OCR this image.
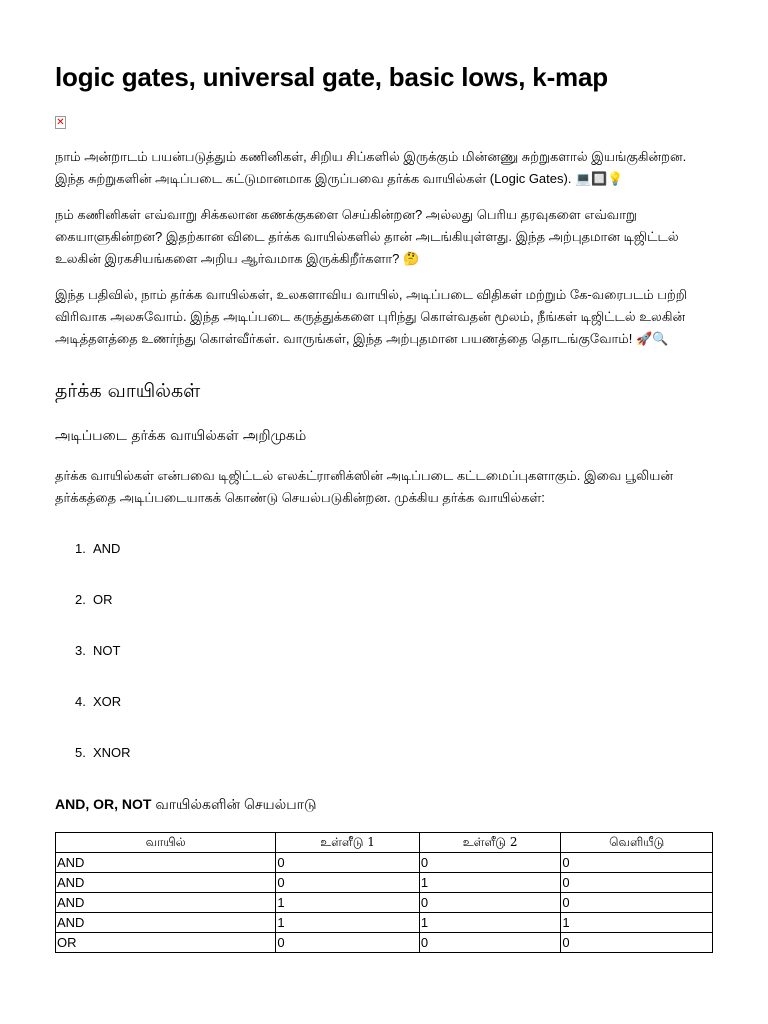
logic gates, universal gate, basic lows, k-map
✕

நாம் அன்றாடம் பயன்படுத்தும் கணினிகள், சிறிய சிப்களில் இருக்கும் மின்னணு சுற்றுகளால் இயங்குகின்றன. இந்த சுற்றுகளின் அடிப்படை கட்டுமானமாக இருப்பவை தர்க்க வாயில்கள் (Logic Gates). 💻🔲💡

நம் கணினிகள் எவ்வாறு சிக்கலான கணக்குகளை செய்கின்றன? அல்லது பெரிய தரவுகளை எவ்வாறு கையாளுகின்றன? இதற்கான விடை தர்க்க வாயில்களில் தான் அடங்கியுள்ளது. இந்த அற்புதமான டிஜிட்டல் உலகின் இரகசியங்களை அறிய ஆர்வமாக இருக்கிறீர்களா? 🤔

இந்த பதிவில், நாம் தர்க்க வாயில்கள், உலகளாவிய வாயில், அடிப்படை விதிகள் மற்றும் கே-வரைபடம் பற்றி விரிவாக அலசுவோம். இந்த அடிப்படை கருத்துக்களை புரிந்து கொள்வதன் மூலம், நீங்கள் டிஜிட்டல் உலகின் அடித்தளத்தை உணர்ந்து கொள்வீர்கள். வாருங்கள், இந்த அற்புதமான பயணத்தை தொடங்குவோம்! 🚀🔍

தர்க்க வாயில்கள்
அடிப்படை தர்க்க வாயில்கள் அறிமுகம்

தர்க்க வாயில்கள் என்பவை டிஜிட்டல் எலக்ட்ரானிக்ஸின் அடிப்படை கட்டமைப்புகளாகும். இவை பூலியன் தர்க்கத்தை அடிப்படையாகக் கொண்டு செயல்படுகின்றன. முக்கிய தர்க்க வாயில்கள்:

1. AND
2. OR
3. NOT
4. XOR
5. XNOR
AND, OR, NOT வாயில்களின் செயல்பாடு
வாயில்	உள்ளீடு 1	உள்ளீடு 2	வெளியீடு
AND	0	0	0
AND	0	1	0
AND	1	0	0
AND	1	1	1
OR	0	0	0
